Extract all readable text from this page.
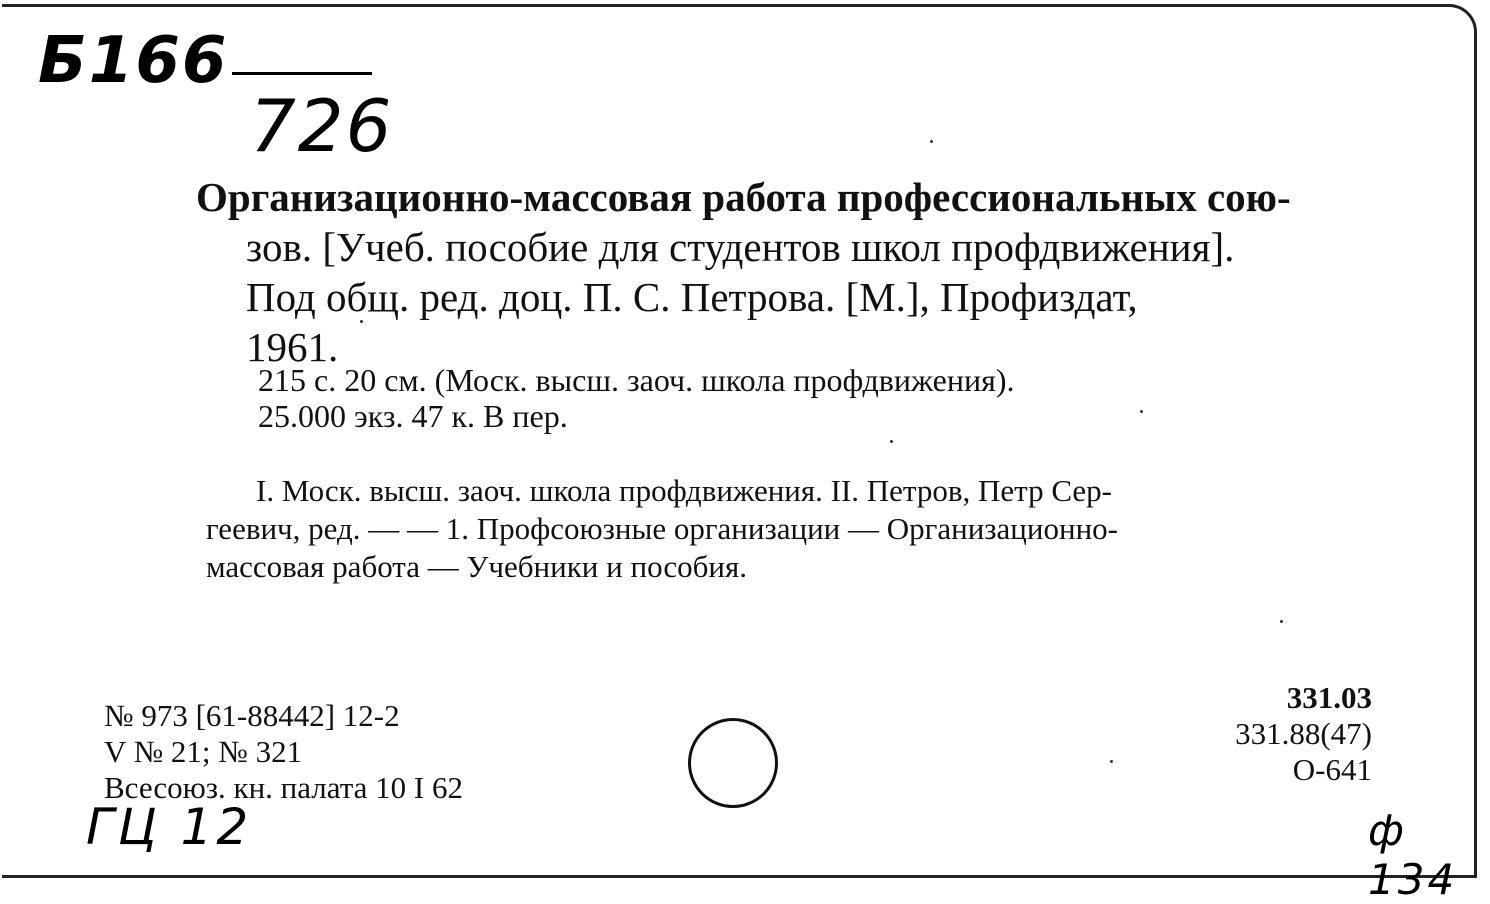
Б166
726
Организационно-массовая работа профессиональных сою-
зов. [Учеб. пособие для студентов школ профдвижения].
Под общ. ред. доц. П. С. Петрова. [М.], Профиздат,
1961.
215 с. 20 см. (Моск. высш. заоч. школа профдвижения).
25.000 экз. 47 к. В пер.
I. Моск. высш. заоч. школа профдвижения. II. Петров, Петр Сер-
геевич, ред. — — 1. Профсоюзные организации — Организационно-
массовая работа — Учебники и пособия.
№ 973 [61-88442] 12-2
V № 21; № 321
Всесоюз. кн. палата 10 I 62
331.03
331.88(47)
О-641
ГЦ 12	ф 134
